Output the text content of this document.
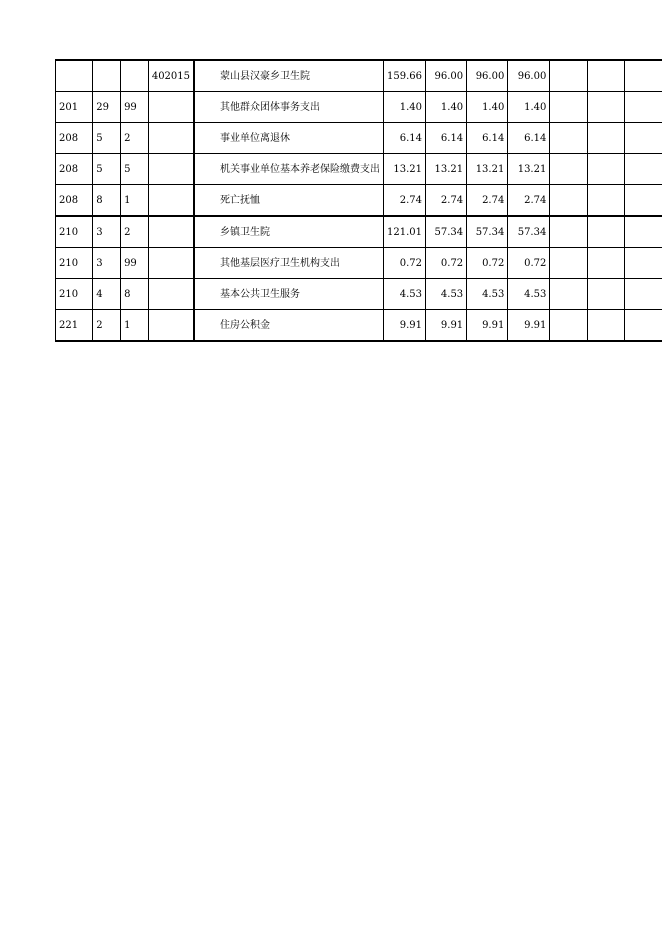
			402015	蒙山县汉豪乡卫生院	159.66	96.00	96.00	96.00			
201	29	99		其他群众团体事务支出	1.40	1.40	1.40	1.40			
208	5	2		事业单位离退休	6.14	6.14	6.14	6.14			
208	5	5		机关事业单位基本养老保险缴费支出	13.21	13.21	13.21	13.21			
208	8	1		死亡抚恤	2.74	2.74	2.74	2.74			
210	3	2		乡镇卫生院	121.01	57.34	57.34	57.34			
210	3	99		其他基层医疗卫生机构支出	0.72	0.72	0.72	0.72			
210	4	8		基本公共卫生服务	4.53	4.53	4.53	4.53			
221	2	1		住房公积金	9.91	9.91	9.91	9.91			
